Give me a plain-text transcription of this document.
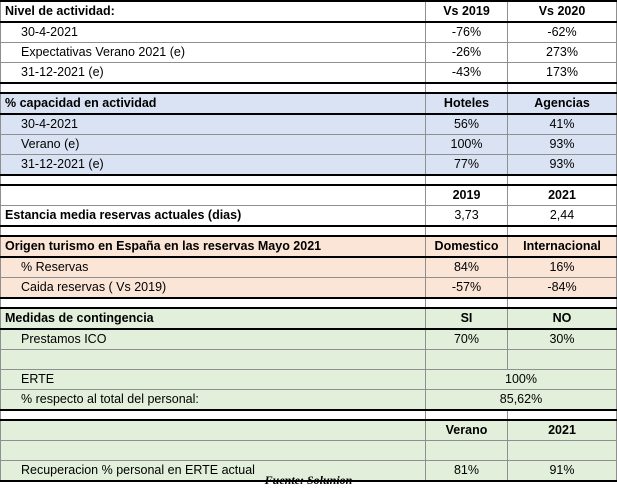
Nivel de actividad:	Vs 2019	Vs 2020
30-4-2021	-76%	-62%
Expectativas Verano 2021 (e)	-26%	273%
31-12-2021 (e)	-43%	173%

% capacidad en actividad	Hoteles	Agencias
30-4-2021	56%	41%
Verano (e)	100%	93%
31-12-2021 (e)	77%	93%

	2019	2021
Estancia media reservas actuales (dias)	3,73	2,44

Origen turismo en España en las reservas Mayo 2021	Domestico	Internacional
% Reservas	84%	16%
Caida reservas ( Vs 2019)	-57%	-84%

Medidas de contingencia	SI	NO
Prestamos ICO	70%	30%

ERTE	100%	
% respecto al total del personal:	85,62%	

	Verano	2021

Recuperacion % personal en ERTE actual	81%	91%
Fuente: Solunion
